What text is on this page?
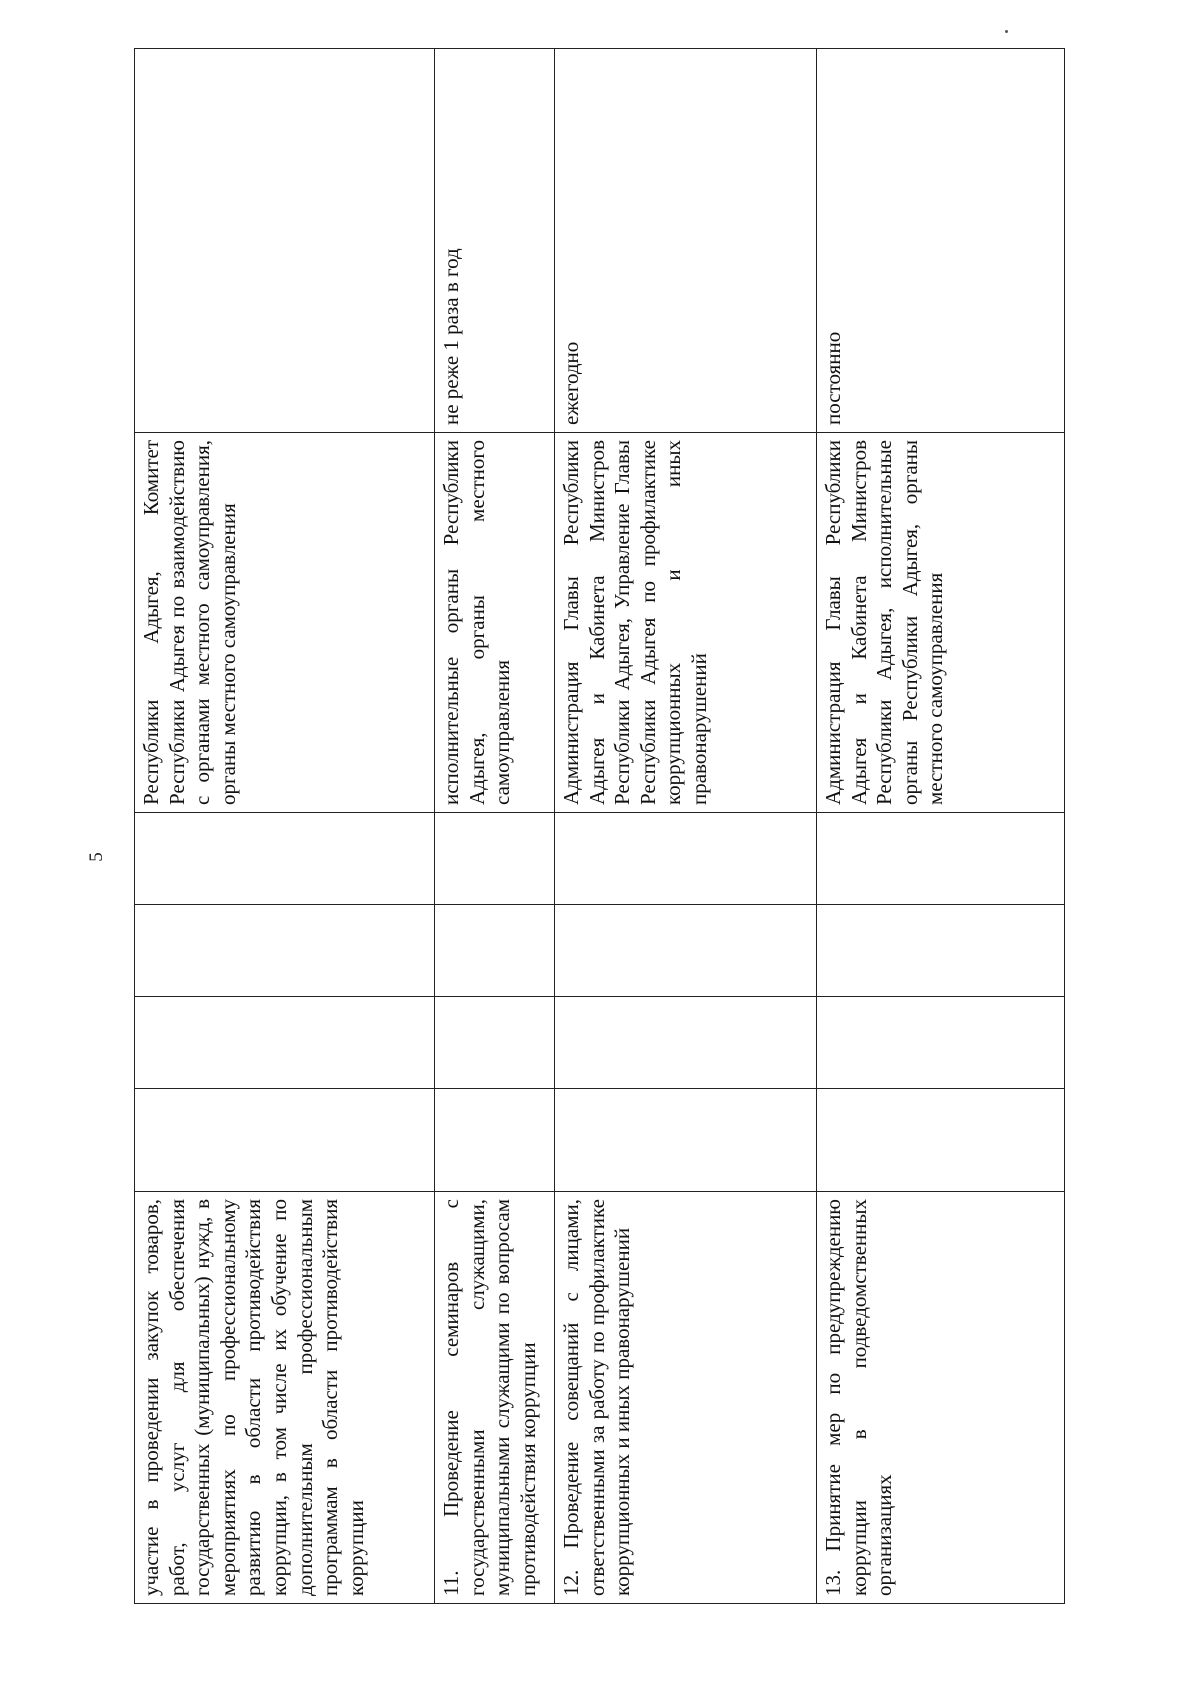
5
участие в проведении закупок товаров, работ, услуг для обеспечения государственных (муниципальных) нужд, в мероприятиях по профессиональному развитию в области противодействия коррупции, в том числе их обучение по дополнительным профессиональным программам в области противодействия коррупции					Республики Адыгея, Комитет Республики Адыгея по взаимодействию с органами местного самоуправления, органы местного самоуправления	
11. Проведение семинаров с государственными служащими, муниципальными служащими по вопросам противодействия коррупции					исполнительные органы Республики Адыгея, органы местного самоуправления	не реже 1 раза в год
12. Проведение совещаний с лицами, ответственными за работу по профилактике коррупционных и иных правонарушений					Администрация Главы Республики Адыгея и Кабинета Министров Республики Адыгея, Управление Главы Республики Адыгея по профилактике коррупционных и иных правонарушений	ежегодно
13. Принятие мер по предупреждению коррупции в подведомственных организациях					Администрация Главы Республики Адыгея и Кабинета Министров Республики Адыгея, исполнительные органы Республики Адыгея, органы местного самоуправления	постоянно
